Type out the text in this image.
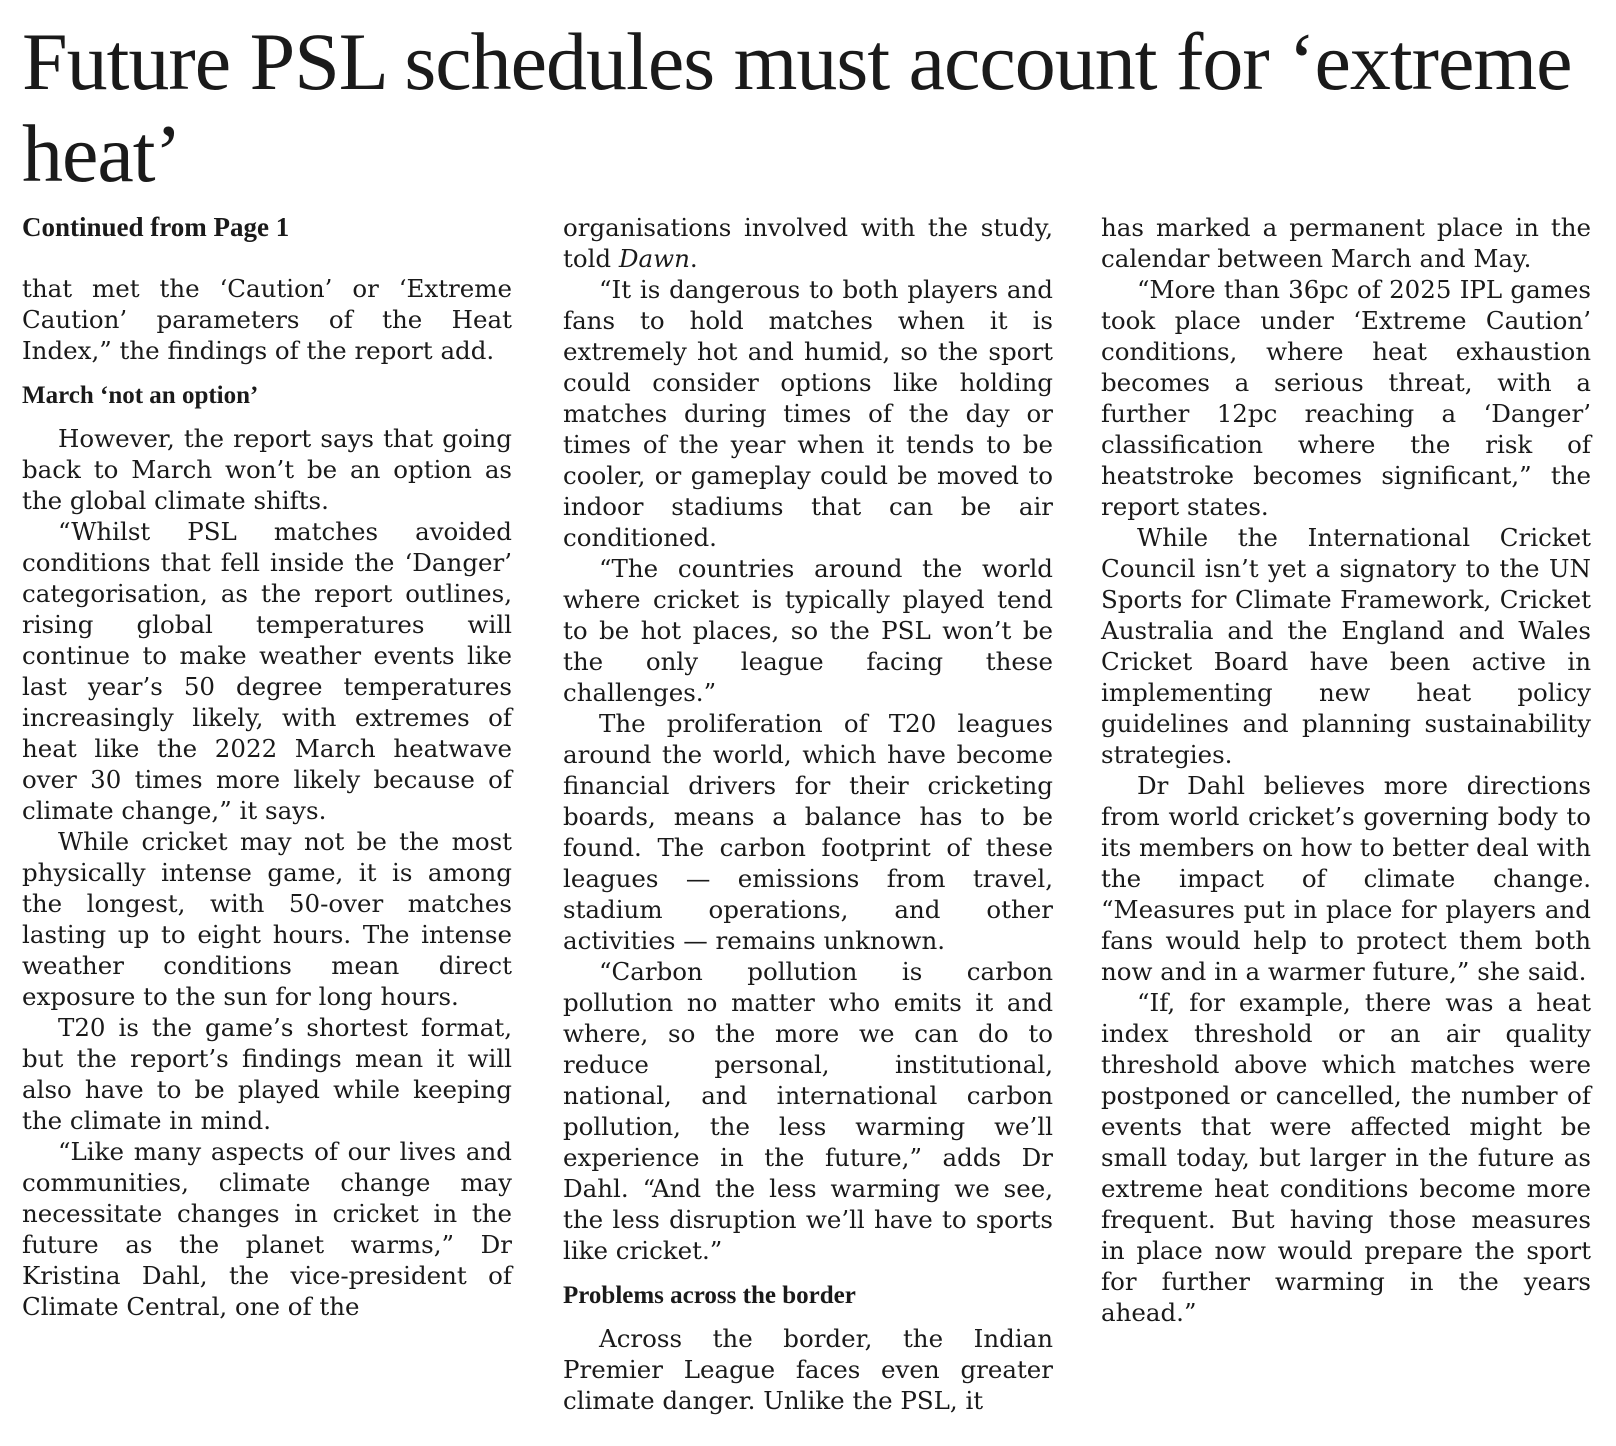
Future PSL schedules must account for ‘extreme heat’

Continued from Page 1

that met the ‘Caution’ or ‘Extreme Caution’ parameters of the Heat Index,” the findings of the report add.

March ‘not an option’

However, the report says that going back to March won’t be an option as the global climate shifts.

“Whilst PSL matches avoided conditions that fell inside the ‘Danger’ categorisation, as the report outlines, rising global temperatures will continue to make weather events like last year’s 50 degree temperatures increasingly likely, with extremes of heat like the 2022 March heatwave over 30 times more likely because of climate change,” it says.

While cricket may not be the most physically intense game, it is among the longest, with 50-over matches lasting up to eight hours. The intense weather conditions mean direct exposure to the sun for long hours.

T20 is the game’s shortest format, but the report’s findings mean it will also have to be played while keeping the climate in mind.

“Like many aspects of our lives and communities, climate change may necessitate changes in cricket in the future as the planet warms,” Dr Kristina Dahl, the vice-president of Climate Central, one of the

organisations involved with the study, told Dawn.

“It is dangerous to both players and fans to hold matches when it is extremely hot and humid, so the sport could consider options like holding matches during times of the day or times of the year when it tends to be cooler, or gameplay could be moved to indoor stadiums that can be air conditioned.

“The countries around the world where cricket is typically played tend to be hot places, so the PSL won’t be the only league facing these challenges.”

The proliferation of T20 leagues around the world, which have become financial drivers for their cricketing boards, means a balance has to be found. The carbon footprint of these leagues — emissions from travel, stadium operations, and other activities — remains unknown.

“Carbon pollution is carbon pollution no matter who emits it and where, so the more we can do to reduce personal, institutional, national, and international carbon pollution, the less warming we’ll experience in the future,” adds Dr Dahl. “And the less warming we see, the less disruption we’ll have to sports like cricket.”

Problems across the border

Across the border, the Indian Premier League faces even greater climate danger. Unlike the PSL, it

has marked a permanent place in the calendar between March and May.

“More than 36pc of 2025 IPL games took place under ‘Extreme Caution’ conditions, where heat exhaustion becomes a serious threat, with a further 12pc reaching a ‘Danger’ classification where the risk of heatstroke becomes significant,” the report states.

While the International Cricket Council isn’t yet a signatory to the UN Sports for Climate Framework, Cricket Australia and the England and Wales Cricket Board have been active in implementing new heat policy guidelines and planning sustainability strategies.

Dr Dahl believes more directions from world cricket’s governing body to its members on how to better deal with the impact of climate change. “Measures put in place for players and fans would help to protect them both now and in a warmer future,” she said.

“If, for example, there was a heat index threshold or an air quality threshold above which matches were postponed or cancelled, the number of events that were affected might be small today, but larger in the future as extreme heat conditions become more frequent. But having those measures in place now would prepare the sport for further warming in the years ahead.”
